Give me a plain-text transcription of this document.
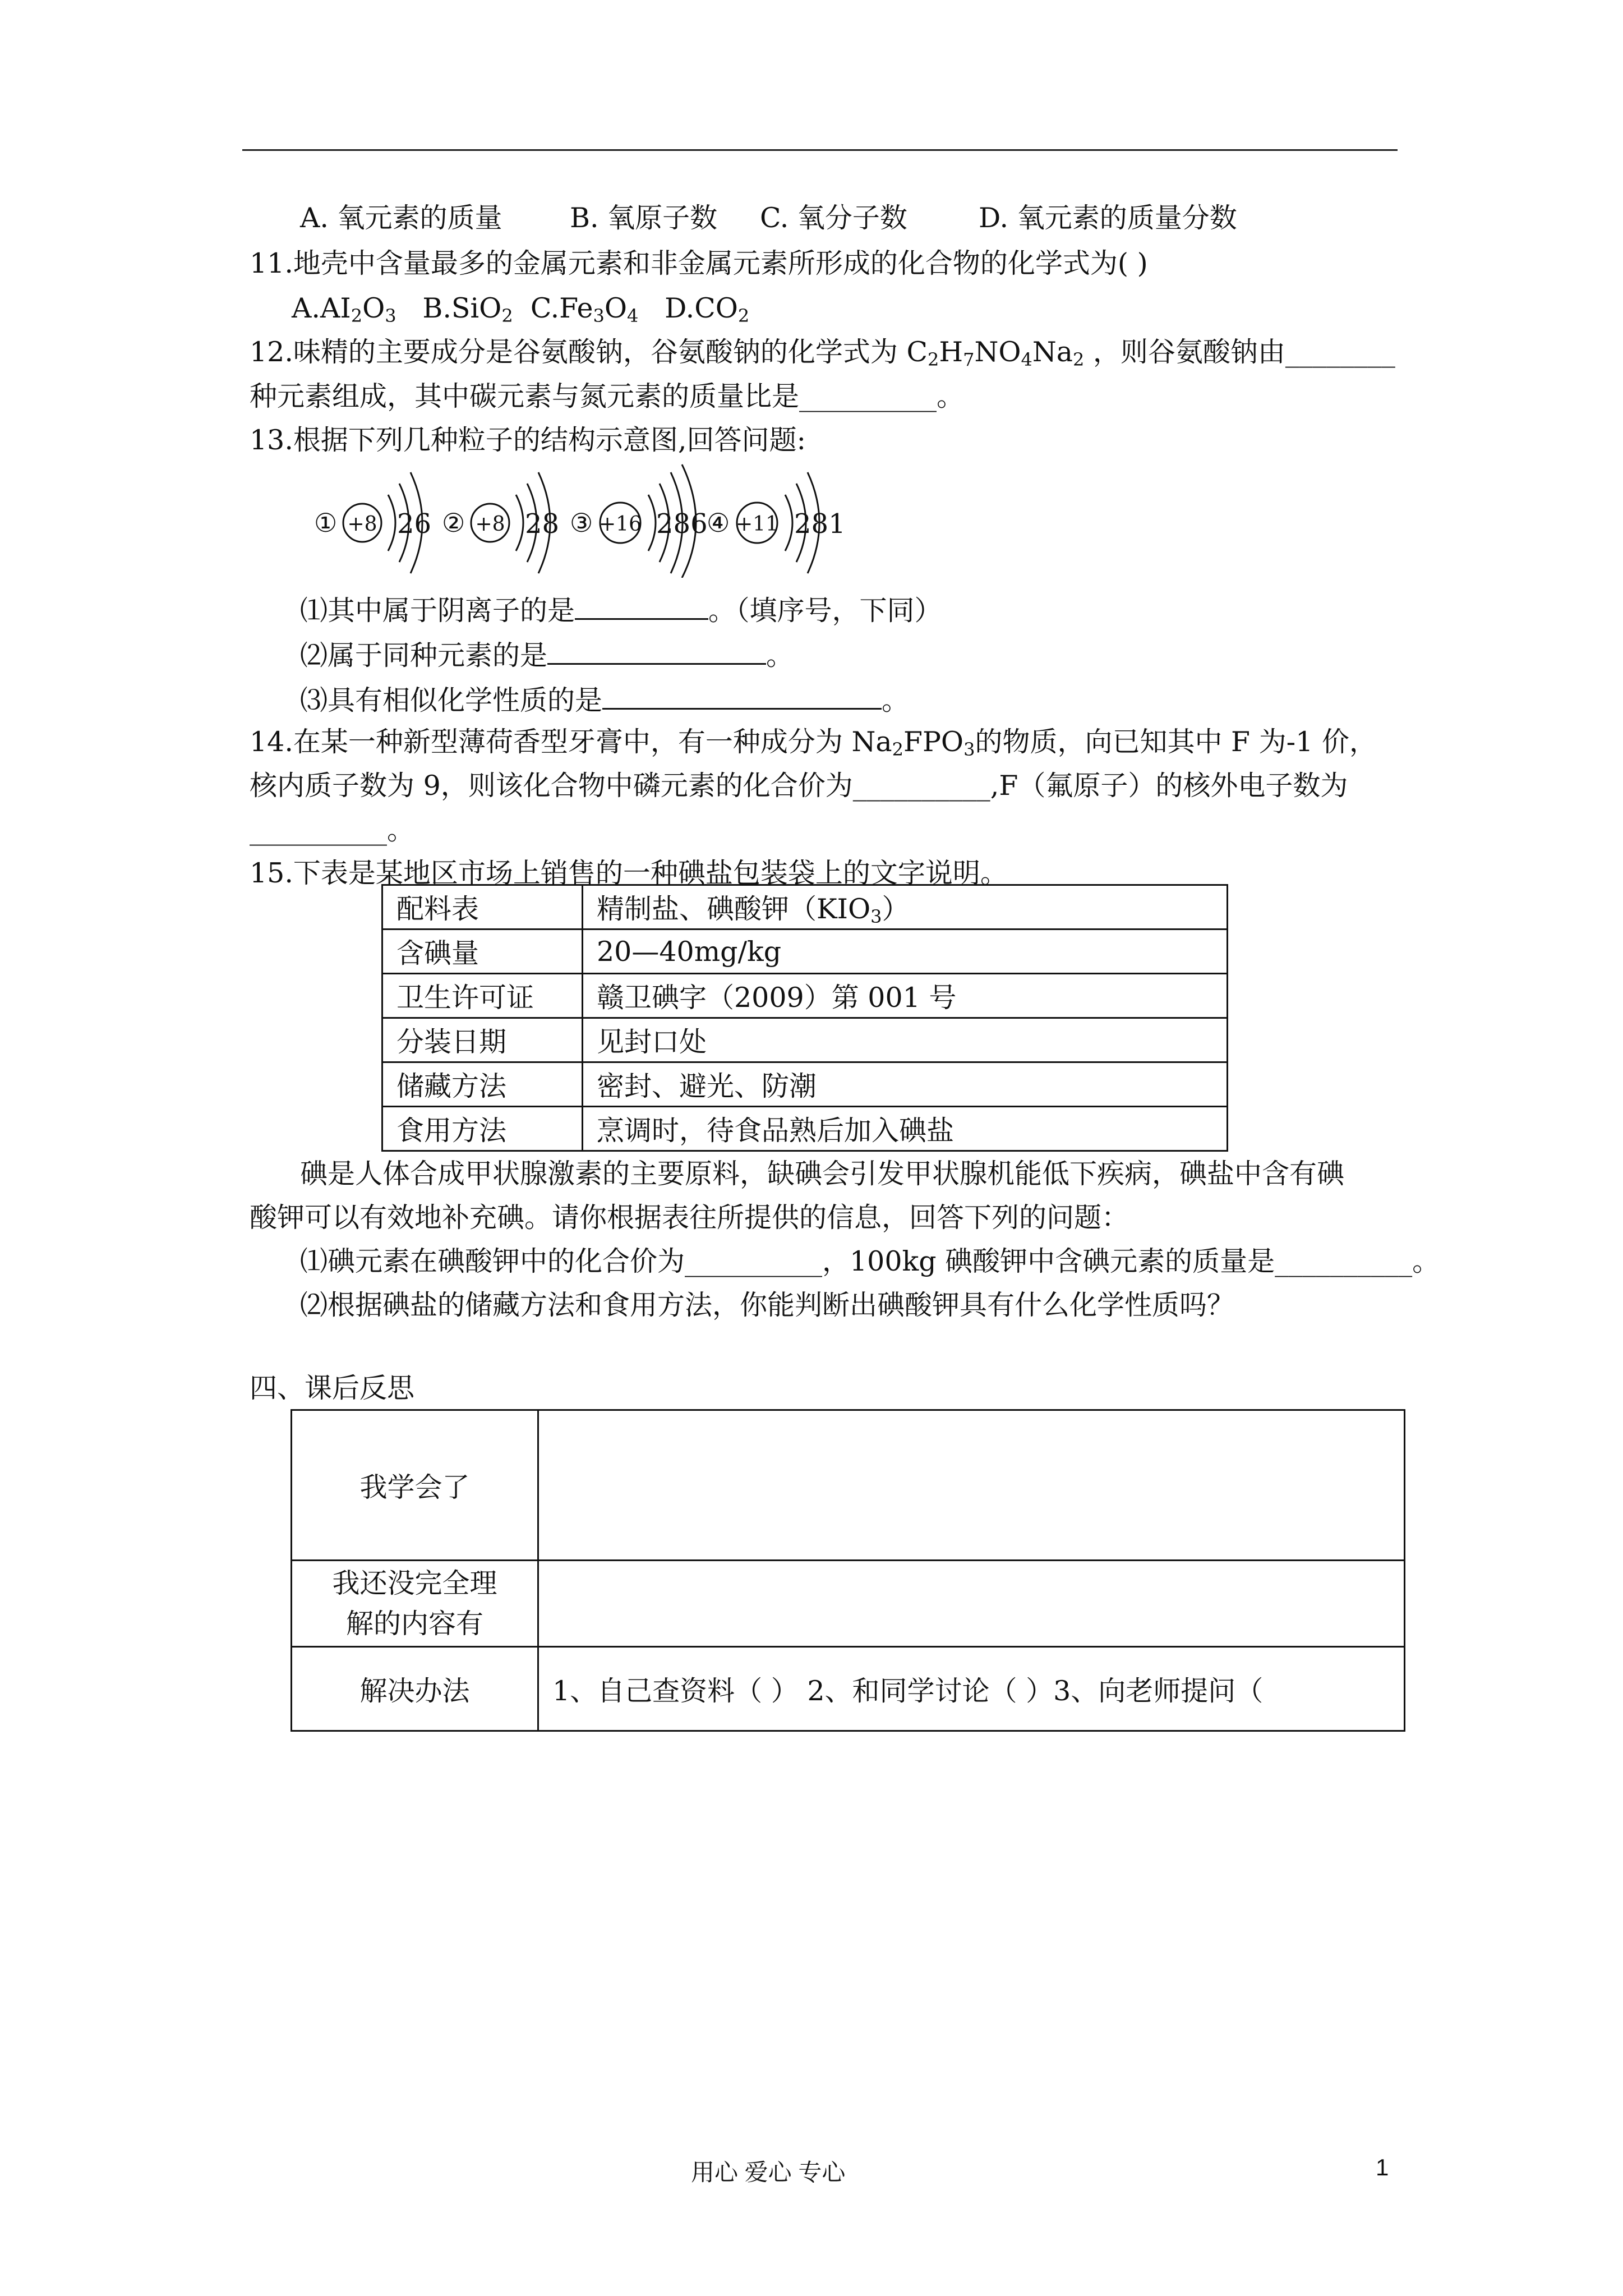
A. 氧元素的质量 B. 氧原子数 C. 氧分子数	D. 氧元素的质量分数
11.地壳中含量最多的金属元素和非金属元素所形成的化合物的化学式为( )
$A.AI_2O_3$ B.SiO$_2$ $C.Fe_3O_4$ $D.CO_2$
12.味精的主要成分是谷氨酸钠，谷氨酸钠的化学式为 $C_2H_7NO_4Na_2$ ，则谷氨酸钠由________
种元素组成，其中碳元素与氮元素的质量比是__________。
13.根据下列几种粒子的结构示意图,回答问题:
① +8 26 ② +8 28 ③ +16 286
④ +11 281
⑴其中属于阴离子的是	。（填序号，下同）
⑵属于同种元素的是	。
⑶具有相似化学性质的是	。
14.在某一种新型薄荷香型牙膏中，有一种成分为 $Na_2FPO_3$的物质，向已知其中 F 为-1 价，
核内质子数为 9，则该化合物中磷元素的化合价为__________,F（氟原子）的核外电子数为
__________。
15.下表是某地区市场上销售的一种碘盐包装袋上的文字说明。
配料表	精制盐、碘酸钾$(KIO_3)$
含碘量	20—40mg/kg
卫生许可证	赣卫碘字（2009）第 001 号
分装日期	见封口处
储藏方法	密封、避光、防潮
食用方法	烹调时，待食品熟后加入碘盐
碘是人体合成甲状腺激素的主要原料，缺碘会引发甲状腺机能低下疾病，碘盐中含有碘
酸钾可以有效地补充碘。请你根据表往所提供的信息，回答下列的问题：
⑴碘元素在碘酸钾中的化合价为__________，100kg 碘酸钾中含碘元素的质量是__________。
⑵根据碘盐的储藏方法和食用方法，你能判断出碘酸钾具有什么化学性质吗？
四、课后反思
我学会了	
我还没完全理
解的内容有	
解决办法	1、自己查资料（ ） 2、和同学讨论（ ）3、向老师提问（
用心 爱心 专心	1
